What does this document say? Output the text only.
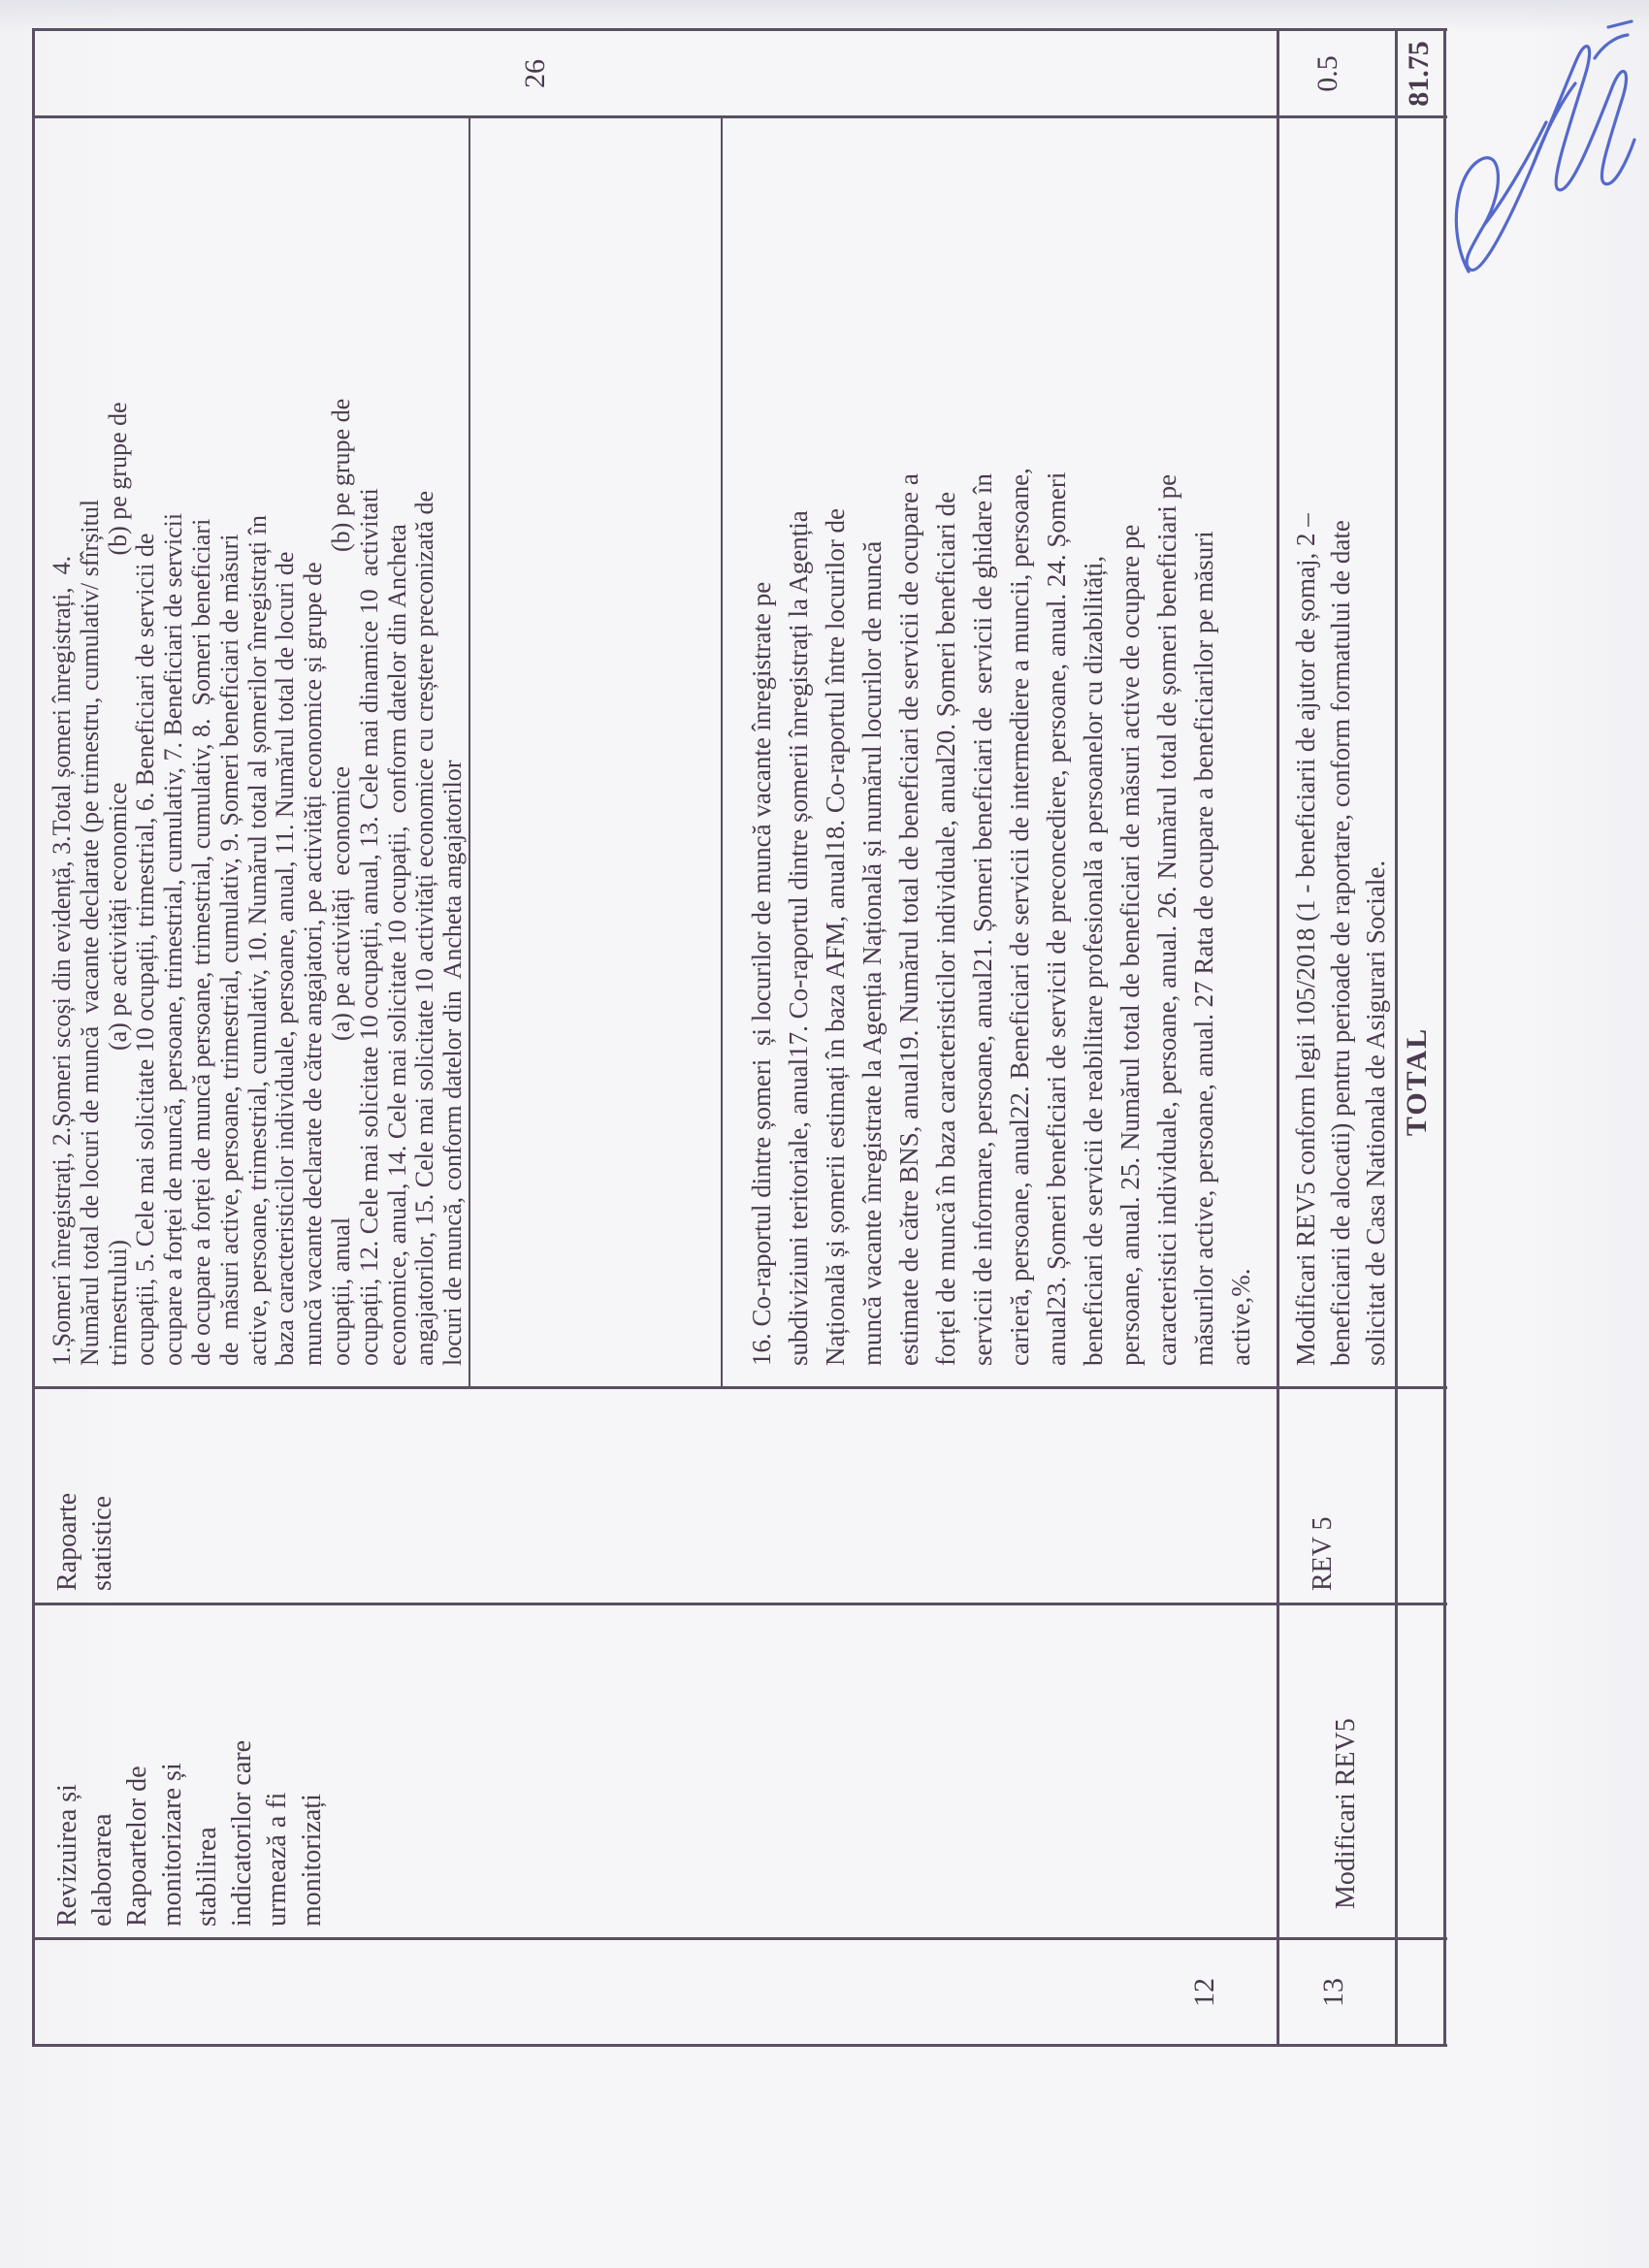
12
Revizuirea și elaborarea Rapoartelor de monitorizare și stabilirea indicatorilor care urmează a fi monitorizați
Rapoarte statistice
1.Șomeri înregistrați, 2.Șomeri scoși din evidență, 3.Total șomeri înregistrați,  4. Numărul total de locuri de muncă  vacante declarate (pe trimestru, cumulativ/ sfîrșitul trimestrului)                              (a) pe activități economice                                    (b) pe grupe de ocupații, 5. Cele mai solicitate 10 ocupații, trimestrial, 6. Beneficiari de servicii de ocupare a forței de muncă, persoane, trimestrial, cumulativ, 7. Beneficiari de servicii de ocupare a forței de muncă persoane, trimestrial, cumulativ, 8.  Șomeri beneficiari de  măsuri active, persoane, trimestrial, cumulativ, 9. Șomeri beneficiari de măsuri active, persoane, trimestrial, cumulativ, 10. Numărul total al șomerilor înregistrați în baza caracteristicilor individuale, persoane, anual, 11. Numărul total de locuri de muncă vacante declarate de către angajatori, pe activități economice și grupe de ocupații, anual                            (a) pe activități  economice                                  (b) pe grupe de ocupații, 12. Cele mai solicitate 10 ocupații, anual, 13. Cele mai dinamice 10  activitati economice, anual, 14. Cele mai solicitate 10 ocupații,  conform datelor din Ancheta angajatorilor, 15. Cele mai solicitate 10 activități economice cu creștere preconizată de locuri de muncă, conform datelor din  Ancheta angajatorilor	16. Co-raportul dintre șomeri  și locurilor de muncă vacante înregistrate pe subdiviziuni teritoriale, anual17. Co-raportul dintre șomerii înregistrați la Agenția Națională și șomerii estimați în baza AFM, anual18. Co-raportul între locurilor de muncă vacante înregistrate la Agenția Națională și numărul locurilor de muncă estimate de către BNS, anual19. Numărul total de beneficiari de servicii de ocupare a forței de muncă în baza caracteristicilor individuale, anual20. Șomeri beneficiari de servicii de informare, persoane, anual21. Șomeri beneficiari de  servicii de ghidare în carieră, persoane, anual22. Beneficiari de servicii de intermediere a muncii, persoane, anual23. Șomeri beneficiari de servicii de preconcediere, persoane, anual. 24. Șomeri beneficiari de servicii de reabilitare profesională a persoanelor cu dizabilități, persoane, anual. 25. Numărul total de beneficiari de măsuri active de ocupare pe caracteristici individuale, persoane, anual. 26. Numărul total de șomeri beneficiari pe măsurilor active, persoane, anual. 27 Rata de ocupare a beneficiarilor pe măsuri active,%.
26
13
Modificari REV5
REV 5
Modificari REV5 conform legii 105/2018 (1 - beneficiarii de ajutor de șomaj, 2 – beneficiarii de alocatii) pentru perioade de raportare, conform formatului de date solicitat de Casa Nationala de Asigurari Sociale.
0.5
TOTAL
81.75
